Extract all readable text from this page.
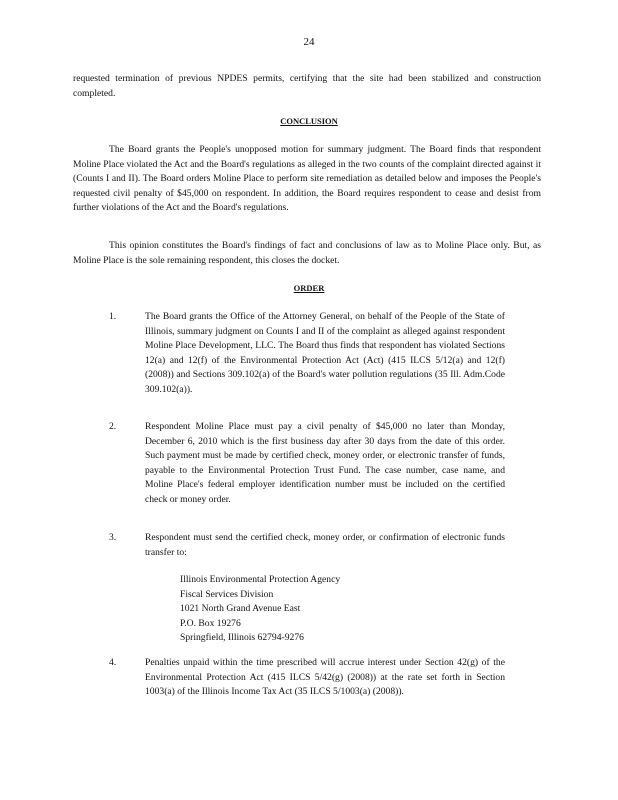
24
requested termination of previous NPDES permits, certifying that the site had been stabilized and construction completed.
CONCLUSION
The Board grants the People's unopposed motion for summary judgment. The Board finds that respondent Moline Place violated the Act and the Board's regulations as alleged in the two counts of the complaint directed against it (Counts I and II). The Board orders Moline Place to perform site remediation as detailed below and imposes the People's requested civil penalty of $45,000 on respondent. In addition, the Board requires respondent to cease and desist from further violations of the Act and the Board's regulations.
This opinion constitutes the Board's findings of fact and conclusions of law as to Moline Place only. But, as Moline Place is the sole remaining respondent, this closes the docket.
ORDER
1.	The Board grants the Office of the Attorney General, on behalf of the People of the State of Illinois, summary judgment on Counts I and II of the complaint as alleged against respondent Moline Place Development, LLC. The Board thus finds that respondent has violated Sections 12(a) and 12(f) of the Environmental Protection Act (Act) (415 ILCS 5/12(a) and 12(f) (2008)) and Sections 309.102(a) of the Board's water pollution regulations (35 Ill. Adm.Code 309.102(a)).
2.	Respondent Moline Place must pay a civil penalty of $45,000 no later than Monday, December 6, 2010 which is the first business day after 30 days from the date of this order. Such payment must be made by certified check, money order, or electronic transfer of funds, payable to the Environmental Protection Trust Fund. The case number, case name, and Moline Place's federal employer identification number must be included on the certified check or money order.
3.	Respondent must send the certified check, money order, or confirmation of electronic funds transfer to:
Illinois Environmental Protection Agency
Fiscal Services Division
1021 North Grand Avenue East
P.O. Box 19276
Springfield, Illinois 62794-9276
4.	Penalties unpaid within the time prescribed will accrue interest under Section 42(g) of the Environmental Protection Act (415 ILCS 5/42(g) (2008)) at the rate set forth in Section 1003(a) of the Illinois Income Tax Act (35 ILCS 5/1003(a) (2008)).
